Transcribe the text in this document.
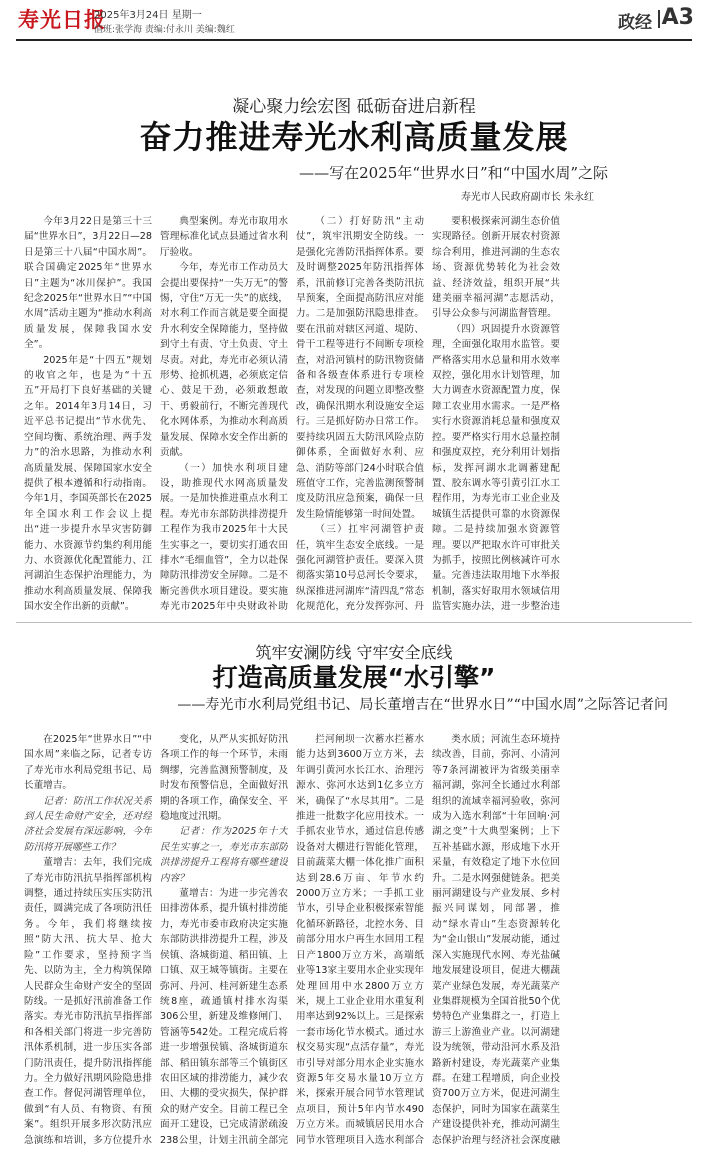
寿光日报
2025年3月24日 星期一
值班:张学海 责编:付永川 美编:魏红	政经 A3
凝心聚力绘宏图 砥砺奋进启新程
奋力推进寿光水利高质量发展
——写在2025年“世界水日”和“中国水周”之际
寿光市人民政府副市长 朱永红

今年3月22日是第三十三届“世界水日”，3月22日—28日是第三十八届“中国水周”。联合国确定2025年“世界水日”主题为“冰川保护”。我国纪念2025年“世界水日”“中国水周”活动主题为“推动水利高质量发展，保障我国水安全”。

2025年是“十四五”规划的收官之年，也是为“十五五”开局打下良好基础的关键之年。2014年3月14日，习近平总书记提出“节水优先、空间均衡、系统治理、两手发力”的治水思路，为推动水利高质量发展、保障国家水安全提供了根本遵循和行动指南。今年1月，李国英部长在2025年全国水利工作会议上提出“进一步提升水旱灾害防御能力、水资源节约集约利用能力、水资源优化配置能力、江河湖泊生态保护治理能力，为推动水利高质量发展、保障我国水安全作出新的贡献”。

典型案例。寿光市取用水管理标准化试点县通过省水利厅验收。

今年，寿光市工作动员大会提出要保持“一失万无”的警惕，守住“万无一失”的底线，对水利工作而言就是要全面提升水利安全保障能力，坚持做到守土有责、守土负责、守土尽责。对此，寿光市必须认清形势、抢抓机遇，必须底定信心、鼓足干劲，必须敢想敢干、勇毅前行，不断完善现代化水网体系，为推动水利高质量发展、保障水安全作出新的贡献。

（一）加快水利项目建设，助推现代水网高质量发展。一是加快推进重点水利工程。寿光市东部防洪排涝提升工程作为我市2025年十大民生实事之一，要切实打通农田排水“毛细血管”，全力以赴保障防汛排涝安全屏障。二是不断完善供水项目建设。要实施寿光市2025年中央财政补助

（二）打好防汛“主动仗”，筑牢汛期安全防线。一是强化完善防汛指挥体系。要及时调整2025年防汛指挥体系，汛前修订完善各类防汛抗旱预案，全面提高防汛应对能力。二是加强防汛隐患排查。要在汛前对辖区河道、堤防、骨干工程等进行不间断专项检查，对沿河镇村的防汛物资储备和各级查体系进行专项检查，对发现的问题立即整改整改，确保汛期水利设施安全运行。三是抓好防办日常工作。要持续巩固五大防汛风险点防御体系，全面做好水利、应急、消防等部门24小时联合值班值守工作，完善监测预警制度及防汛应急预案，确保一旦发生险情能够第一时间处置。

（三）扛牢河湖管护责任，筑牢生态安全底线。一是强化河湖管护责任。要深入贯彻落实第10号总河长令要求，纵深推进河湖库“清四乱”常态化规范化，充分发挥弥河、丹

要积极探索河湖生态价值实现路径。创新开展农村资源综合利用，推进河湖的生态农场、资源优势转化为社会效益、经济效益，组织开展“共建美丽幸福河湖”志愿活动，引导公众参与河湖监督管理。

（四）巩固提升水资源管理，全面强化取用水监管。要严格落实用水总量和用水效率双控，强化用水计划管理，加大力调查水资源配置力度，保障工农业用水需求。一是严格实行水资源消耗总量和强度双控。要严格实行用水总量控制和强度双控，充分利用计划指标，发挥河湖水北调蓄建配置、胶东调水等引黄引江水工程作用，为寿光市工业企业及城镇生活提供可靠的水资源保障。二是持续加强水资源管理。要以严把取水许可审批关为抓手，按照比例核减许可水量。完善违法取用地下水举报机制，落实好取用水领域信用监管实施办法，进一步整治违

筑牢安澜防线 守牢安全底线
打造高质量发展“水引擎”
——寿光市水利局党组书记、局长董增吉在“世界水日”“中国水周”之际答记者问

在2025年“世界水日”“中国水周”来临之际，记者专访了寿光市水利局党组书记、局长董增吉。

记者：防汛工作状况关系到人民生命财产安全，还对经济社会发展有深远影响，今年防汛将开展哪些工作？

董增吉：去年，我们完成了寿光市防汛抗旱指挥部机构调整，通过持续压实压实防汛责任，圆满完成了各项防汛任务。今年，我们将继续按照“防大汛、抗大旱、抢大险”工作要求，坚持预字当先、以防为主，全力构筑保障人民群众生命财产安全的坚固防线。一是抓好汛前准备工作落实。寿光市防汛抗旱指挥部和各相关部门将进一步完善防汛体系机制，进一步压实各部门防汛责任，提升防汛指挥能力。全力做好汛期风险隐患排查工作。督促河湖管理单位，做到“有人员、有物资、有预案”。组织开展多形次防汛应急演练和培训，多方位提升水

变化，从严从实抓好防汛各项工作的每一个环节，未雨绸缪，完善监测预警制度，及时发布预警信息，全面做好汛期的各项工作，确保安全、平稳地度过汛期。

记者：作为2025年十大民生实事之一，寿光市东部防洪排涝提升工程将有哪些建设内容？

董增吉：为进一步完善农田排涝体系，提升镇村排涝能力，寿光市委市政府决定实施东部防洪排涝提升工程，涉及侯镇、洛城街道、稻田镇、上口镇、双王城等镇街。主要在弥河、丹河、桂河新建生态系统8座，疏通镇村排水沟渠306公里，新建及维修闸门、管涵等542处。工程完成后将进一步增强侯镇、洛城街道东部、稻田镇东部等三个镇街区农田区域的排涝能力，减少农田、大棚的受灾损失，保护群众的财产安全。目前工程已全面开工建设，已完成清淤疏浚238公里，计划主汛前全部完

拦河闸坝一次蓄水拦蓄水能力达到3600万立方米，去年调引黄河水长江水、治理污源水、弥河水达到1亿多立方米，确保了“水尽其用”。二是推进一批数字化应用技术。一手抓农业节水，通过信息传感设备对大棚进行智能化管理，目前蔬菜大棚一体化推广面积达到28.6万亩、年节水约2000万立方米；一手抓工业节水，引导企业积极探索智能化循环新路径，北控水务、目前部分用水户再生水回用工程日产1800万立方米，高端纸业等13家主要用水企业实现年处理回用中水2800万立方米，规上工业企业用水重复利用率达到92%以上。三是探索一套市场化节水模式。通过水权交易实现“点活存量”，寿光市引导对部分用水企业实施水资源5年交易水量10万立方米，探索开展合同节水管理试点项目，预计5年内节水490万立方米。而城镇居民用水合同节水管理项目入选水利部合

类水质；河流生态环境持续改善，目前，弥河、小清河等7条河湖被评为省级美丽幸福河湖，弥河全长通过水利部组织的流域幸福河验收，弥河成为入选水利部“十年回响·河湖之变”十大典型案例；上下互补基础水源，形成地下水开采量，有效稳定了地下水位回升。二是水网强健链条。把美丽河湖建设与产业发展、乡村振兴同谋划，同部署，推动“绿水青山”生态资源转化为“金山银山”发展动能，通过深入实施现代水网、寿光盐碱地发展建设项目，促进大棚蔬菜产业绿色发展，寿光蔬菜产业集群规模为全国首批50个优势特色产业集群之一，打造上游三上游渔业产业。以河湖建设为统领，带动沿河水系及沿路新村建设，寿光蔬菜产业集群。在建工程增质，向企业投资700万立方米，促进河湖生态保护，同时为国家在蔬菜生产建设提供补充，推动河湖生态保护治理与经济社会深度融
